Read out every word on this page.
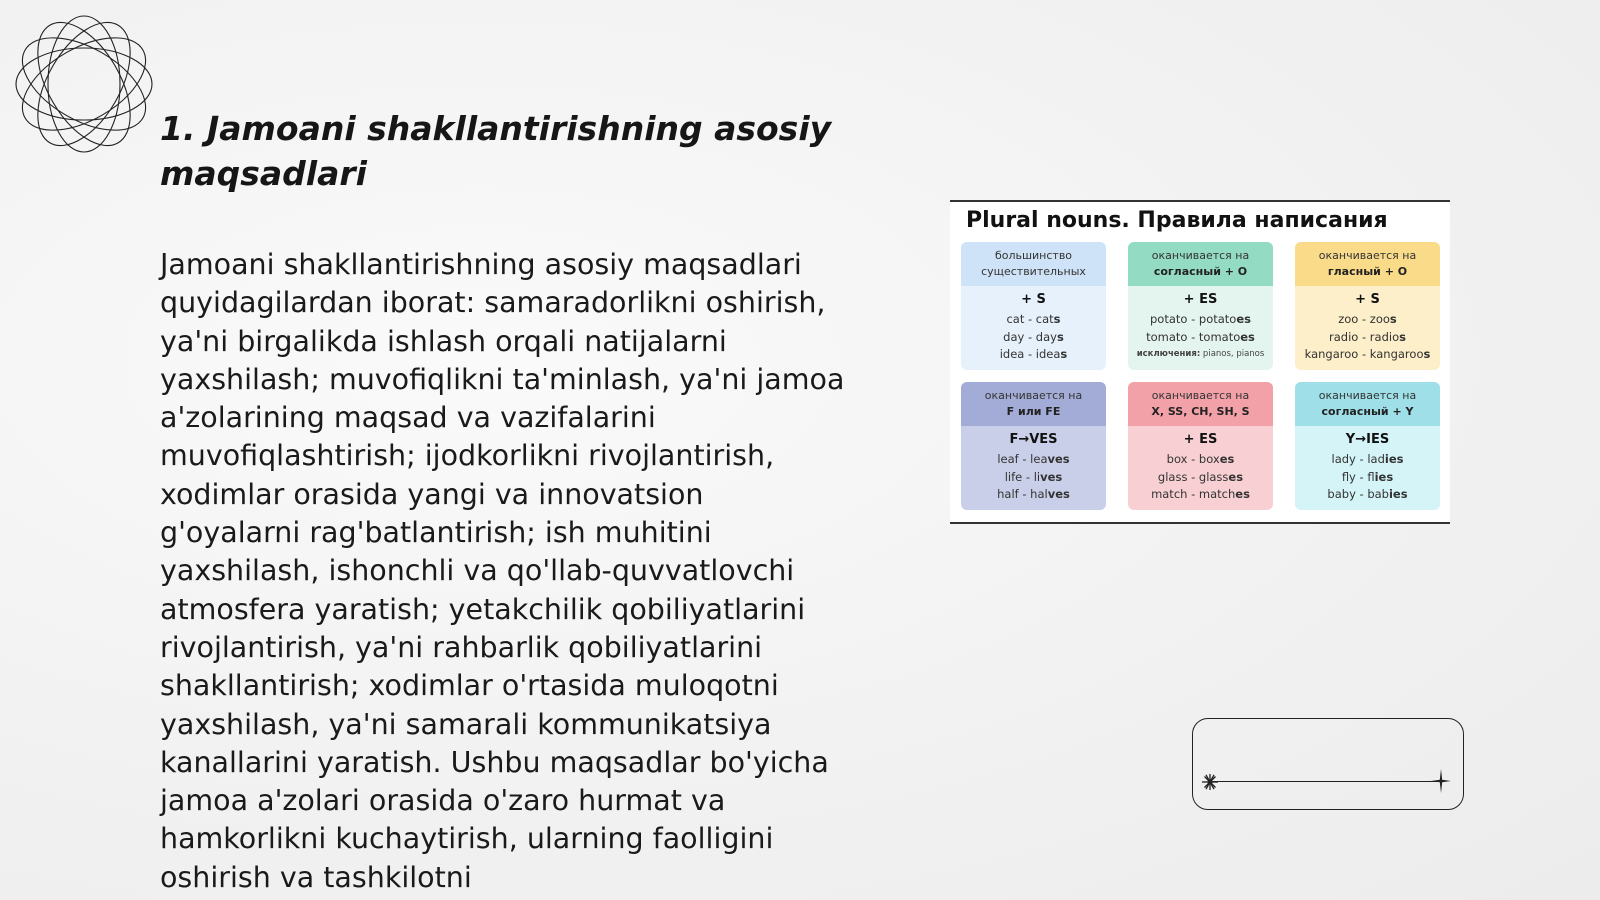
1. Jamoani shakllantirishning asosiy maqsadlari

Jamoani shakllantirishning asosiy maqsadlari quyidagilardan iborat: samaradorlikni oshirish, ya'ni birgalikda ishlash orqali natijalarni yaxshilash; muvofiqlikni ta'minlash, ya'ni jamoa a'zolarining maqsad va vazifalarini muvofiqlashtirish; ijodkorlikni rivojlantirish, xodimlar orasida yangi va innovatsion g'oyalarni rag'batlantirish; ish muhitini yaxshilash, ishonchli va qo'llab-quvvatlovchi atmosfera yaratish; yetakchilik qobiliyatlarini rivojlantirish, ya'ni rahbarlik qobiliyatlarini shakllantirish; xodimlar o'rtasida muloqotni yaxshilash, ya'ni samarali kommunikatsiya kanallarini yaratish. Ushbu maqsadlar bo'yicha jamoa a'zolari orasida o'zaro hurmat va hamkorlikni kuchaytirish, ularning faolligini oshirish va tashkilotni

Plural nouns. Правила написания
большинство
существительных
+ S
cat - cats
day - days
idea - ideas
оканчивается на
согласный + O
+ ES
potato - potatoes
tomato - tomatoes
исключения: pianos, pianos
оканчивается на
гласный + O
+ S
zoo - zoos
radio - radios
kangaroo - kangaroos
оканчивается на
F или FE
F→VES
leaf - leaves
life - lives
half - halves
оканчивается на
X, SS, CH, SH, S
+ ES
box - boxes
glass - glasses
match - matches
оканчивается на
согласный + Y
Y→IES
lady - ladies
fly - flies
baby - babies
